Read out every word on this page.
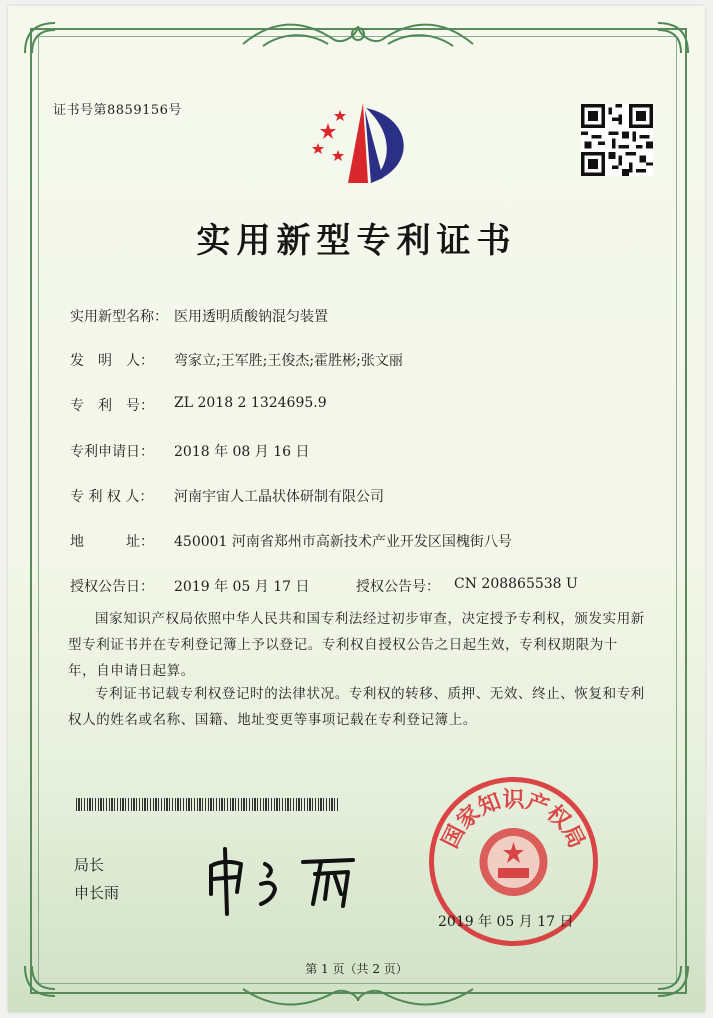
证书号第8859156号
实用新型专利证书
实用新型名称： 医用透明质酸钠混匀装置
发　明　人： 弯家立;王军胜;王俊杰;霍胜彬;张文丽
专　利　号： ZL 2018 2 1324695.9
专利申请日： 2018 年 08 月 16 日
专 利 权 人： 河南宇宙人工晶状体研制有限公司
地　　　址： 450001 河南省郑州市高新技术产业开发区国槐街八号
授权公告日： 2019 年 05 月 17 日	授权公告号： CN 208865538 U
国家知识产权局依照中华人民共和国专利法经过初步审查，决定授予专利权，颁发实用新型专利证书并在专利登记簿上予以登记。专利权自授权公告之日起生效，专利权期限为十年，自申请日起算。
专利证书记载专利权登记时的法律状况。专利权的转移、质押、无效、终止、恢复和专利权人的姓名或名称、国籍、地址变更等事项记载在专利登记簿上。
局长
申长雨
国家知识产权局
2019 年 05 月 17 日
第 1 页（共 2 页）
